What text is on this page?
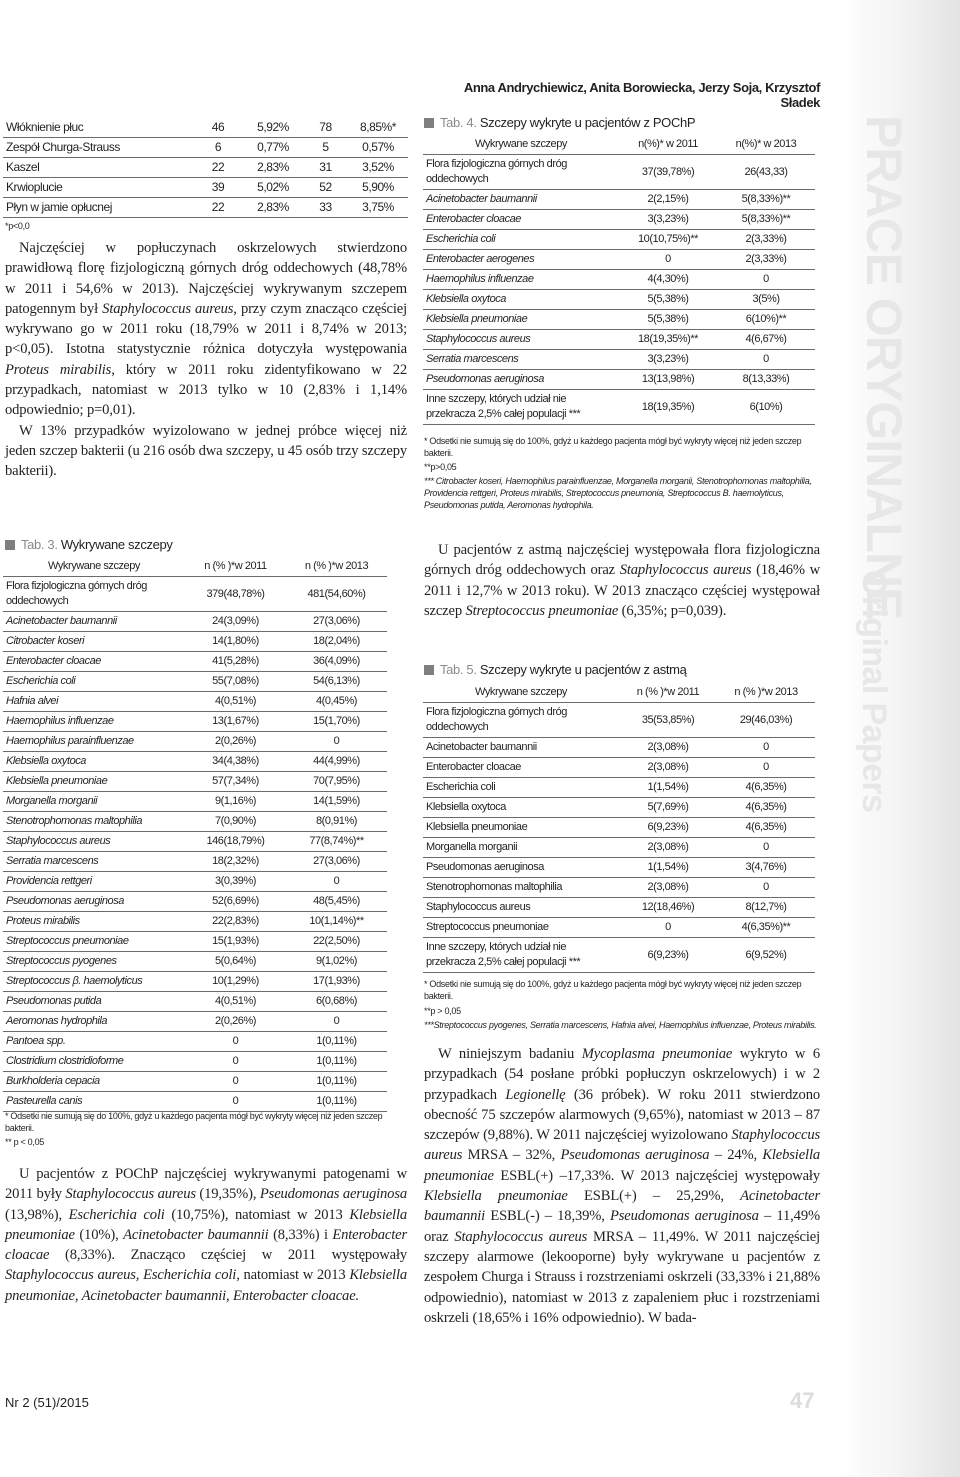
PRACE ORYGINALNE
Original Papers
Anna Andrychiewicz, Anita Borowiecka, Jerzy Soja, Krzysztof Sładek
Włóknienie płuc	46	5,92%	78	8,85%*
Zespół Churga-Strauss	6	0,77%	5	0,57%
Kaszel	22	2,83%	31	3,52%
Krwioplucie	39	5,02%	52	5,90%
Płyn w jamie opłucnej	22	2,83%	33	3,75%
*p<0,0

Najczęściej w popłuczynach oskrzelowych stwierdzono prawidłową florę fizjologiczną górnych dróg oddechowych (48,78% w 2011 i 54,6% w 2013). Najczęściej wykrywanym szczepem patogennym był Staphylococcus aureus, przy czym znacząco częściej wykrywano go w 2011 roku (18,79% w 2011 i 8,74% w 2013; p<0,05). Istotna statystycznie różnica dotyczyła występowania Proteus mirabilis, który w 2011 roku zidentyfikowano w 22 przypadkach, natomiast w 2013 tylko w 10 (2,83% i 1,14% odpowiednio; p=0,01).

W 13% przypadków wyizolowano w jednej próbce więcej niż jeden szczep bakterii (u 216 osób dwa szczepy, u 45 osób trzy szczepy bakterii).

Tab. 3. Wykrywane szczepy
Wykrywane szczepy	n (% )*w 2011	n (% )*w 2013
Flora fizjologiczna górnych dróg oddechowych	379(48,78%)	481(54,60%)
Acinetobacter baumannii	24(3,09%)	27(3,06%)
Citrobacter koseri	14(1,80%)	18(2,04%)
Enterobacter cloacae	41(5,28%)	36(4,09%)
Escherichia coli	55(7,08%)	54(6,13%)
Hafnia alvei	4(0,51%)	4(0,45%)
Haemophilus influenzae	13(1,67%)	15(1,70%)
Haemophilus parainfluenzae	2(0,26%)	0
Klebsiella oxytoca	34(4,38%)	44(4,99%)
Klebsiella pneumoniae	57(7,34%)	70(7,95%)
Morganella morganii	9(1,16%)	14(1,59%)
Stenotrophomonas maltophilia	7(0,90%)	8(0,91%)
Staphylococcus aureus	146(18,79%)	77(8,74%)**
Serratia marcescens	18(2,32%)	27(3,06%)
Providencia rettgeri	3(0,39%)	0
Pseudomonas aeruginosa	52(6,69%)	48(5,45%)
Proteus mirabilis	22(2,83%)	10(1,14%)**
Streptococcus pneumoniae	15(1,93%)	22(2,50%)
Streptococcus pyogenes	5(0,64%)	9(1,02%)
Streptococcus β. haemolyticus	10(1,29%)	17(1,93%)
Pseudomonas putida	4(0,51%)	6(0,68%)
Aeromonas hydrophila	2(0,26%)	0
Pantoea spp.	0	1(0,11%)
Clostridium clostridioforme	0	1(0,11%)
Burkholderia cepacia	0	1(0,11%)
Pasteurella canis	0	1(0,11%)
* Odsetki nie sumują się do 100%, gdyż u każdego pacjenta mógł być wykryty więcej niż jeden szczep bakterii.
** p < 0,05

U pacjentów z POChP najczęściej wykrywanymi patogenami w 2011 były Staphylococcus aureus (19,35%), Pseudomonas aeruginosa (13,98%), Escherichia coli (10,75%), natomiast w 2013 Klebsiella pneumoniae (10%), Acinetobacter baumannii (8,33%) i Enterobacter cloacae (8,33%). Znacząco częściej w 2011 występowały Staphylococcus aureus, Escherichia coli, natomiast w 2013 Klebsiella pneumoniae, Acinetobacter baumannii, Enterobacter cloacae.

Tab. 4. Szczepy wykryte u pacjentów z POChP
Wykrywane szczepy	n(%)* w 2011	n(%)* w 2013
Flora fizjologiczna górnych dróg oddechowych	37(39,78%)	26(43,33)
Acinetobacter baumannii	2(2,15%)	5(8,33%)**
Enterobacter cloacae	3(3,23%)	5(8,33%)**
Escherichia coli	10(10,75%)**	2(3,33%)
Enterobacter aerogenes	0	2(3,33%)
Haemophilus influenzae	4(4,30%)	0
Klebsiella oxytoca	5(5,38%)	3(5%)
Klebsiella pneumoniae	5(5,38%)	6(10%)**
Staphylococcus aureus	18(19,35%)**	4(6,67%)
Serratia marcescens	3(3,23%)	0
Pseudomonas aeruginosa	13(13,98%)	8(13,33%)
Inne szczepy, których udział nie przekracza 2,5% całej populacji ***	18(19,35%)	6(10%)
* Odsetki nie sumują się do 100%, gdyż u każdego pacjenta mógł być wykryty więcej niż jeden szczep bakterii.
**p>0,05
*** Citrobacter koseri, Haemophilus parainfluenzae, Morganella morganii, Stenotrophomonas maltophilia, Providencia rettgeri, Proteus mirabilis, Streptococcus pneumonia, Streptococcus B. haemolyticus, Pseudomonas putida, Aeromonas hydrophila.

U pacjentów z astmą najczęściej występowała flora fizjologiczna górnych dróg oddechowych oraz Staphylococcus aureus (18,46% w 2011 i 12,7% w 2013 roku). W 2013 znacząco częściej występował szczep Streptococcus pneumoniae (6,35%; p=0,039).

Tab. 5. Szczepy wykryte u pacjentów z astmą
Wykrywane szczepy	n (% )*w 2011	n (% )*w 2013
Flora fizjologiczna górnych dróg oddechowych	35(53,85%)	29(46,03%)
Acinetobacter baumannii	2(3,08%)	0
Enterobacter cloacae	2(3,08%)	0
Escherichia coli	1(1,54%)	4(6,35%)
Klebsiella oxytoca	5(7,69%)	4(6,35%)
Klebsiella pneumoniae	6(9,23%)	4(6,35%)
Morganella morganii	2(3,08%)	0
Pseudomonas aeruginosa	1(1,54%)	3(4,76%)
Stenotrophomonas maltophilia	2(3,08%)	0
Staphylococcus aureus	12(18,46%)	8(12,7%)
Streptococcus pneumoniae	0	4(6,35%)**
Inne szczepy, których udział nie przekracza 2,5% całej populacji ***	6(9,23%)	6(9,52%)
* Odsetki nie sumują się do 100%, gdyż u każdego pacjenta mógł być wykryty więcej niż jeden szczep bakterii.
**p > 0,05
***Streptococcus pyogenes, Serratia marcescens, Hafnia alvei, Haemophilus influenzae, Proteus mirabilis.

W niniejszym badaniu Mycoplasma pneumoniae wykryto w 6 przypadkach (54 posłane próbki popłuczyn oskrzelowych) i w 2 przypadkach Legionellę (36 próbek). W roku 2011 stwierdzono obecność 75 szczepów alarmowych (9,65%), natomiast w 2013 – 87 szczepów (9,88%). W 2011 najczęściej wyizolowano Staphylococcus aureus MRSA – 32%, Pseudomonas aeruginosa – 24%, Klebsiella pneumoniae ESBL(+) –17,33%. W 2013 najczęściej występowały Klebsiella pneumoniae ESBL(+) – 25,29%, Acinetobacter baumannii ESBL(-) – 18,39%, Pseudomonas aeruginosa – 11,49% oraz Staphylococcus aureus MRSA – 11,49%. W 2011 najczęściej szczepy alarmowe (lekooporne) były wykrywane u pacjentów z zespołem Churga i Strauss i rozstrzeniami oskrzeli (33,33% i 21,88% odpowiednio), natomiast w 2013 z zapaleniem płuc i rozstrzeniami oskrzeli (18,65% i 16% odpowiednio). W bada-

Nr 2 (51)/2015	47
